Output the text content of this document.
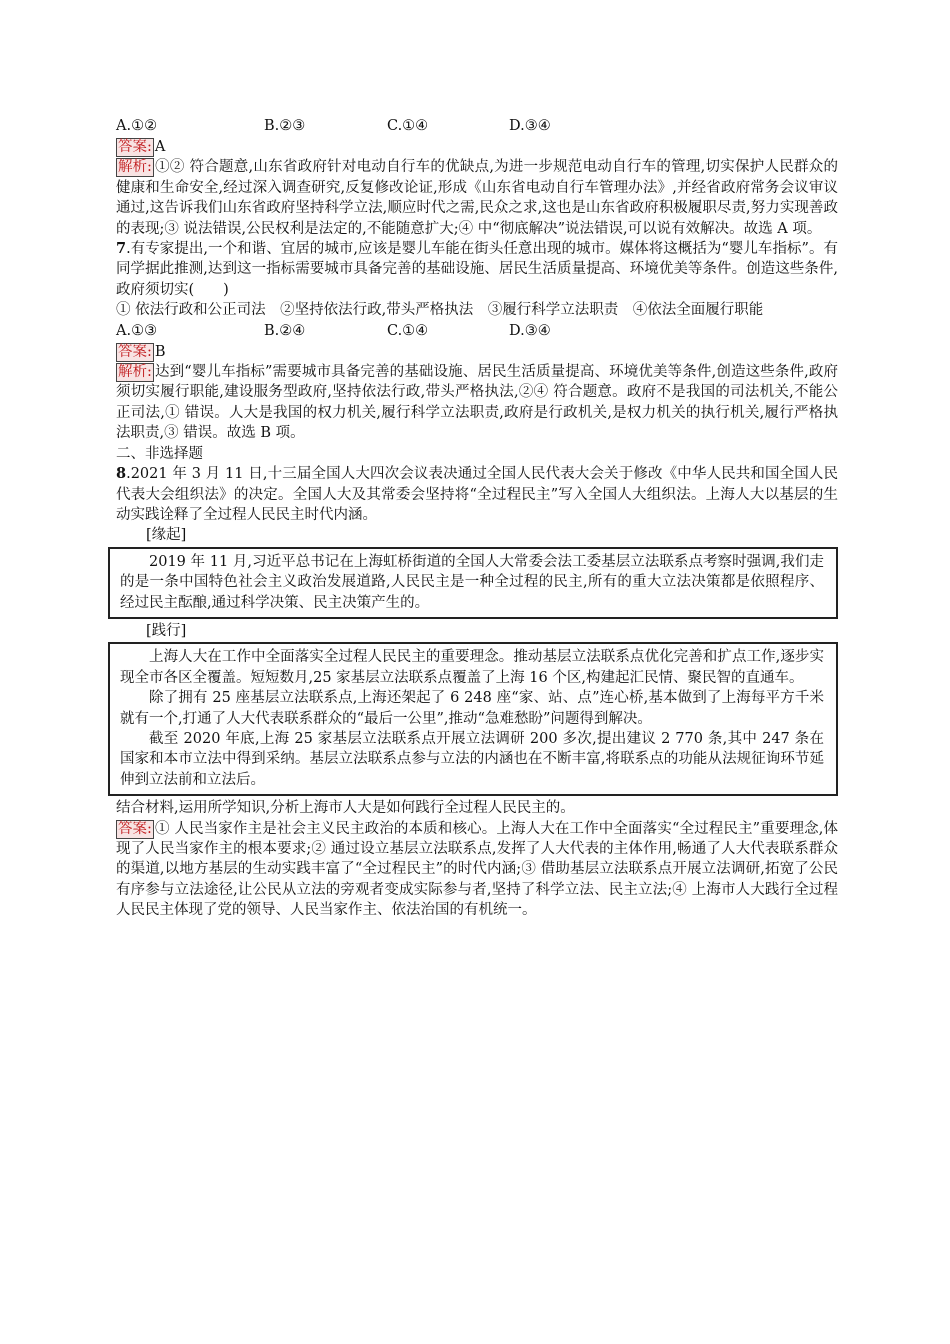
A.①②	B.②③	C.①④	D.③④
答案: A
解析: ①② 符合题意,山东省政府针对电动自行车的优缺点,为进一步规范电动自行车的管理,切实保护人民群众的健康和生命安全,经过深入调查研究,反复修改论证,形成《山东省电动自行车管理办法》,并经省政府常务会议审议通过,这告诉我们山东省政府坚持科学立法,顺应时代之需,民众之求,这也是山东省政府积极履职尽责,努力实现善政的表现;③ 说法错误,公民权利是法定的,不能随意扩大;④ 中“彻底解决”说法错误,可以说有效解决。故选 A 项。
7.有专家提出,一个和谐、宜居的城市,应该是婴儿车能在街头任意出现的城市。媒体将这概括为“婴儿车指标”。有同学据此推测,达到这一指标需要城市具备完善的基础设施、居民生活质量提高、环境优美等条件。创造这些条件,政府须切实(　　)
① 依法行政和公正司法　②坚持依法行政,带头严格执法　③履行科学立法职责　④依法全面履行职能
A.①③	B.②④	C.①④	D.③④
答案: B
解析: 达到“婴儿车指标”需要城市具备完善的基础设施、居民生活质量提高、环境优美等条件,创造这些条件,政府须切实履行职能,建设服务型政府,坚持依法行政,带头严格执法,②④ 符合题意。政府不是我国的司法机关,不能公正司法,① 错误。人大是我国的权力机关,履行科学立法职责,政府是行政机关,是权力机关的执行机关,履行严格执法职责,③ 错误。故选 B 项。
二、非选择题
8.2021 年 3 月 11 日,十三届全国人大四次会议表决通过全国人民代表大会关于修改《中华人民共和国全国人民代表大会组织法》的决定。全国人大及其常委会坚持将“全过程民主”写入全国人大组织法。上海人大以基层的生动实践诠释了全过程人民民主时代内涵。
[缘起]

2019 年 11 月,习近平总书记在上海虹桥街道的全国人大常委会法工委基层立法联系点考察时强调,我们走的是一条中国特色社会主义政治发展道路,人民民主是一种全过程的民主,所有的重大立法决策都是依照程序、经过民主酝酿,通过科学决策、民主决策产生的。

[践行]

上海人大在工作中全面落实全过程人民民主的重要理念。推动基层立法联系点优化完善和扩点工作,逐步实现全市各区全覆盖。短短数月,25 家基层立法联系点覆盖了上海 16 个区,构建起汇民情、聚民智的直通车。

除了拥有 25 座基层立法联系点,上海还架起了 6 248 座“家、站、点”连心桥,基本做到了上海每平方千米就有一个,打通了人大代表联系群众的“最后一公里”,推动“急难愁盼”问题得到解决。

截至 2020 年底,上海 25 家基层立法联系点开展立法调研 200 多次,提出建议 2 770 条,其中 247 条在国家和本市立法中得到采纳。基层立法联系点参与立法的内涵也在不断丰富,将联系点的功能从法规征询环节延伸到立法前和立法后。

结合材料,运用所学知识,分析上海市人大是如何践行全过程人民民主的。
答案: ① 人民当家作主是社会主义民主政治的本质和核心。上海人大在工作中全面落实“全过程民主”重要理念,体现了人民当家作主的根本要求;② 通过设立基层立法联系点,发挥了人大代表的主体作用,畅通了人大代表联系群众的渠道,以地方基层的生动实践丰富了“全过程民主”的时代内涵;③ 借助基层立法联系点开展立法调研,拓宽了公民有序参与立法途径,让公民从立法的旁观者变成实际参与者,坚持了科学立法、民主立法;④ 上海市人大践行全过程人民民主体现了党的领导、人民当家作主、依法治国的有机统一。
